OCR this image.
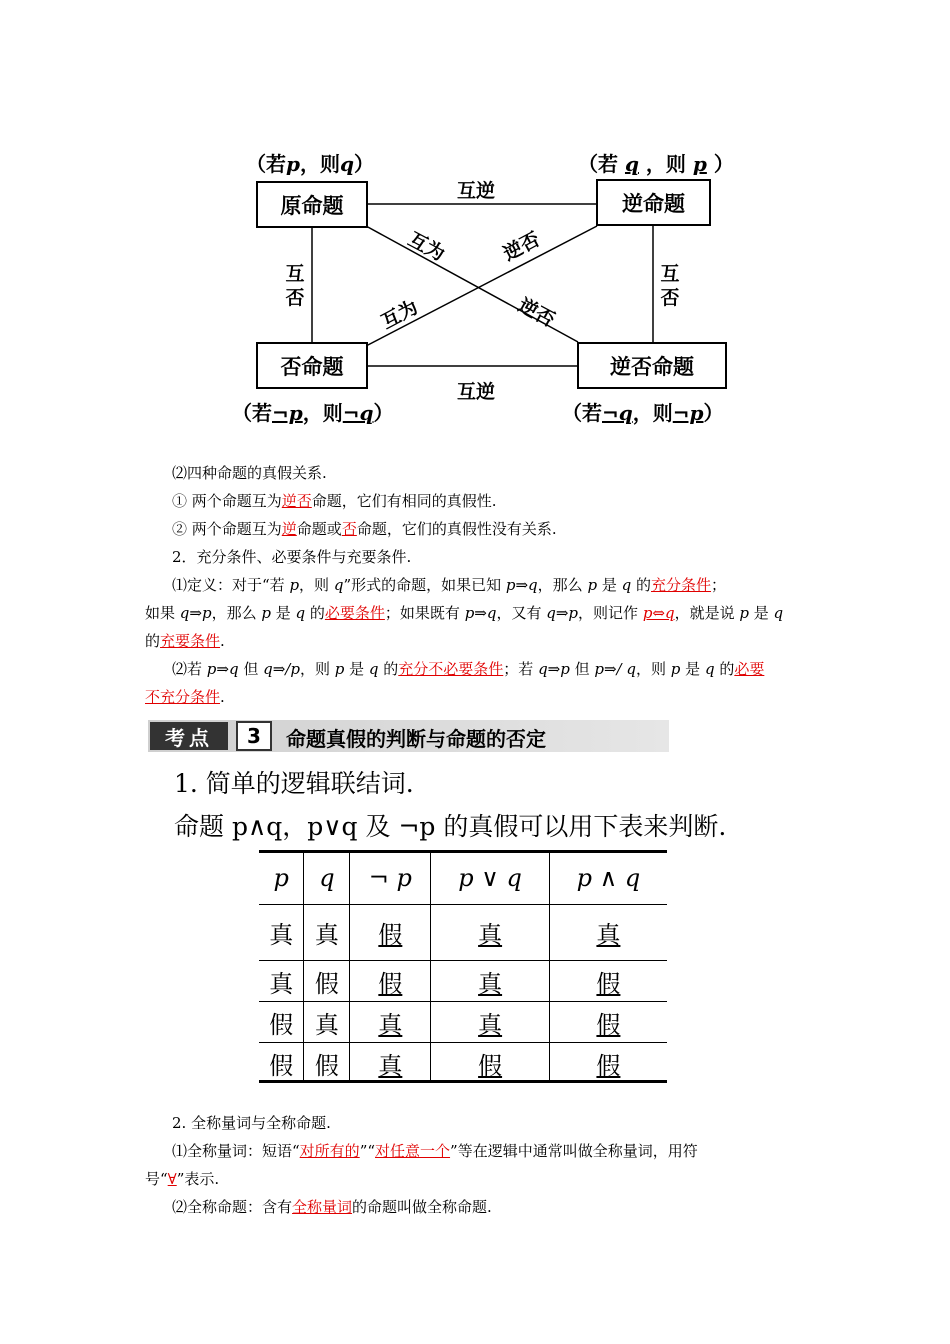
原命题	逆命题
否命题	逆否命题
（若p，则q）	（若 q ，则 p ）
（若¬p，则¬q）	（若¬q，则¬p）
互逆
互逆
互
否
互
否
互为	逆否
逆否
互为
⑵四种命题的真假关系.
① 两个命题互为逆否命题，它们有相同的真假性.
② 两个命题互为逆命题或否命题，它们的真假性没有关系.
2．充分条件、必要条件与充要条件.
⑴定义：对于“若 p，则 q”形式的命题，如果已知 p⇒q，那么 p 是 q 的充分条件；
如果 q⇒p，那么 p 是 q 的必要条件；如果既有 p⇒q，又有 q⇒p，则记作 p⇔q，就是说 p 是 q
的充要条件.
⑵若 p⇒q 但 q⇒/p，则 p 是 q 的充分不必要条件；若 q⇒p 但 p⇒/ q，则 p 是 q 的必要
不充分条件.
考点	3	命题真假的判断与命题的否定
1. 简单的逻辑联结词.
命题 p∧q，p∨q 及 ¬p 的真假可以用下表来判断.
p	q	¬ p	p ∨ q	p ∧ q
真	真	假	真	真
真	假	假	真	假
假	真	真	真	假
假	假	真	假	假
2. 全称量词与全称命题.
⑴全称量词：短语“对所有的”“对任意一个”等在逻辑中通常叫做全称量词，用符
号“∀”表示.
⑵全称命题：含有全称量词的命题叫做全称命题.
